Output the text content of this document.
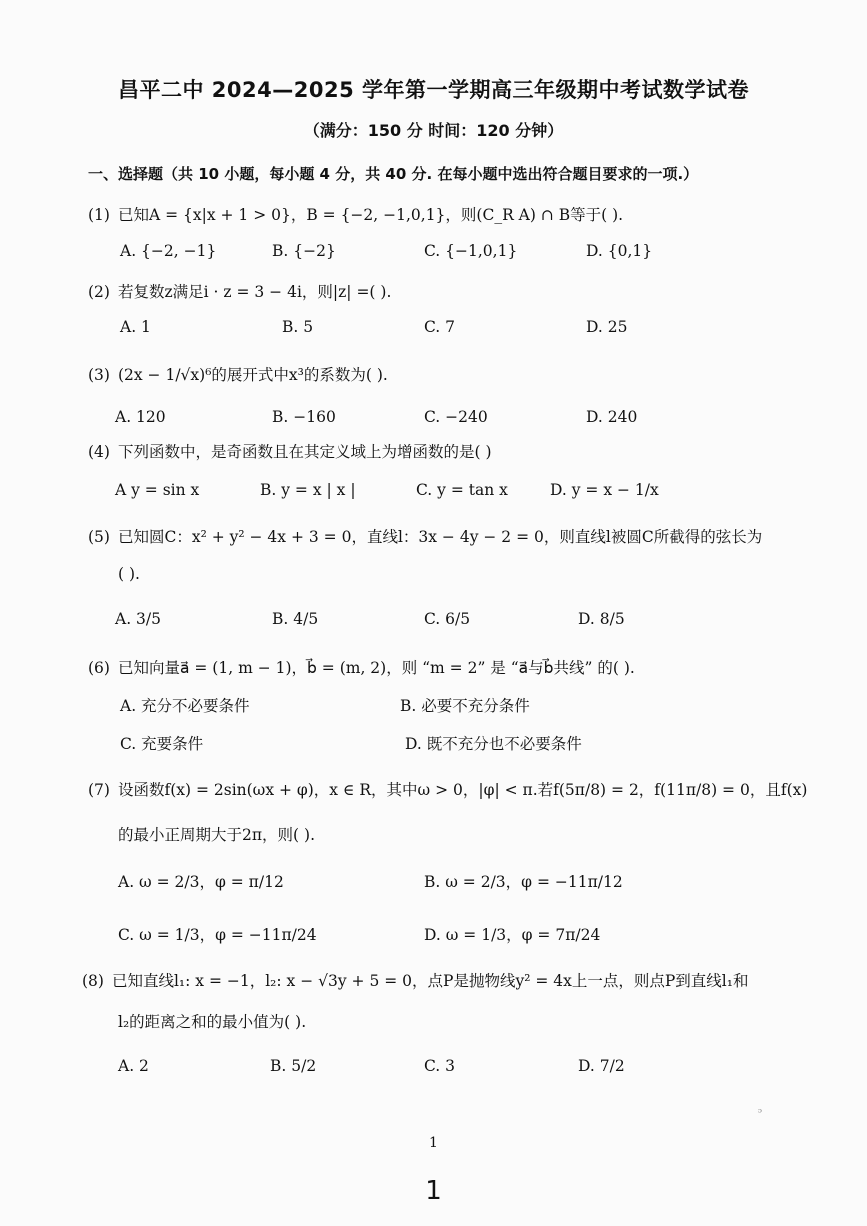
昌平二中 2024—2025 学年第一学期高三年级期中考试数学试卷
（满分：150 分 时间：120 分钟）
一、选择题（共 10 小题，每小题 4 分，共 40 分. 在每小题中选出符合题目要求的一项.）
(1) 已知A = {x|x + 1 > 0}，B = {−2, −1,0,1}，则(C_R A) ∩ B等于( ).
A. {−2, −1}	B. {−2}	C. {−1,0,1}	D. {0,1}
(2) 若复数z满足i · z = 3 − 4i，则|z| =( ).
A. 1	B. 5	C. 7	D. 25
(3) (2x − 1/√x)⁶的展开式中x³的系数为( ).
A. 120	B. −160	C. −240	D. 240
(4) 下列函数中，是奇函数且在其定义域上为增函数的是( )
A y = sin x	B. y = x | x |	C. y = tan x	D. y = x − 1/x
(5) 已知圆C：x² + y² − 4x + 3 = 0，直线l：3x − 4y − 2 = 0，则直线l被圆C所截得的弦长为
( ).
A. 3/5	B. 4/5	C. 6/5	D. 8/5
(6) 已知向量a⃗ = (1, m − 1)，b⃗ = (m, 2)，则 “m = 2” 是 “a⃗与b⃗共线” 的( ).
A. 充分不必要条件	B. 必要不充分条件
C. 充要条件	D. 既不充分也不必要条件
(7) 设函数f(x) = 2sin(ωx + φ)，x ∈ R，其中ω > 0，|φ| < π.若f(5π/8) = 2，f(11π/8) = 0，且f(x)
的最小正周期大于2π，则( ).
A. ω = 2/3，φ = π/12	B. ω = 2/3，φ = −11π/12
C. ω = 1/3，φ = −11π/24	D. ω = 1/3，φ = 7π/24
(8) 已知直线l₁: x = −1，l₂: x − √3y + 5 = 0，点P是抛物线y² = 4x上一点，则点P到直线l₁和
l₂的距离之和的最小值为( ).
A. 2	B. 5/2	C. 3	D. 7/2
ᵓ
1
1
